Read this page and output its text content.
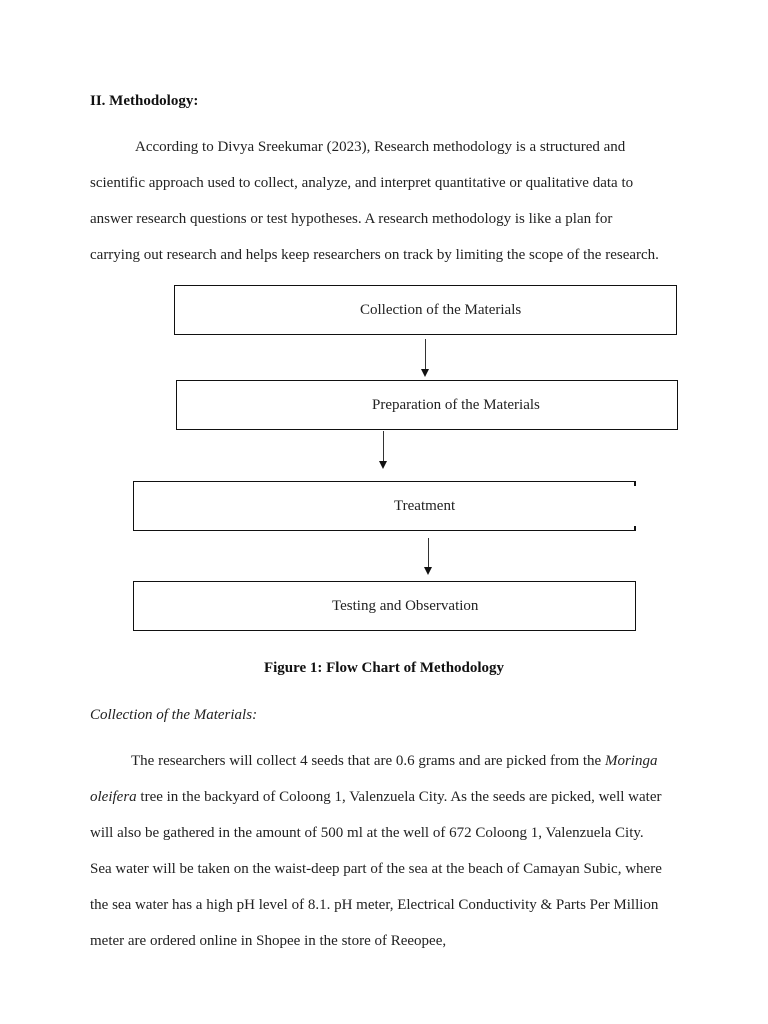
II. Methodology:
According to Divya Sreekumar (2023), Research methodology is a structured and
scientific approach used to collect, analyze, and interpret quantitative or qualitative data to
answer research questions or test hypotheses. A research methodology is like a plan for
carrying out research and helps keep researchers on track by limiting the scope of the research.
Collection of the Materials
Preparation of the Materials
Treatment
Testing and Observation
Figure 1: Flow Chart of Methodology
Collection of the Materials:
The researchers will collect 4 seeds that are 0.6 grams and are picked from the Moringa
oleifera tree in the backyard of Coloong 1, Valenzuela City. As the seeds are picked, well water
will also be gathered in the amount of 500 ml at the well of 672 Coloong 1, Valenzuela City.
Sea water will be taken on the waist-deep part of the sea at the beach of Camayan Subic, where
the sea water has a high pH level of 8.1. pH meter, Electrical Conductivity & Parts Per Million
meter are ordered online in Shopee in the store of Reeopee,
